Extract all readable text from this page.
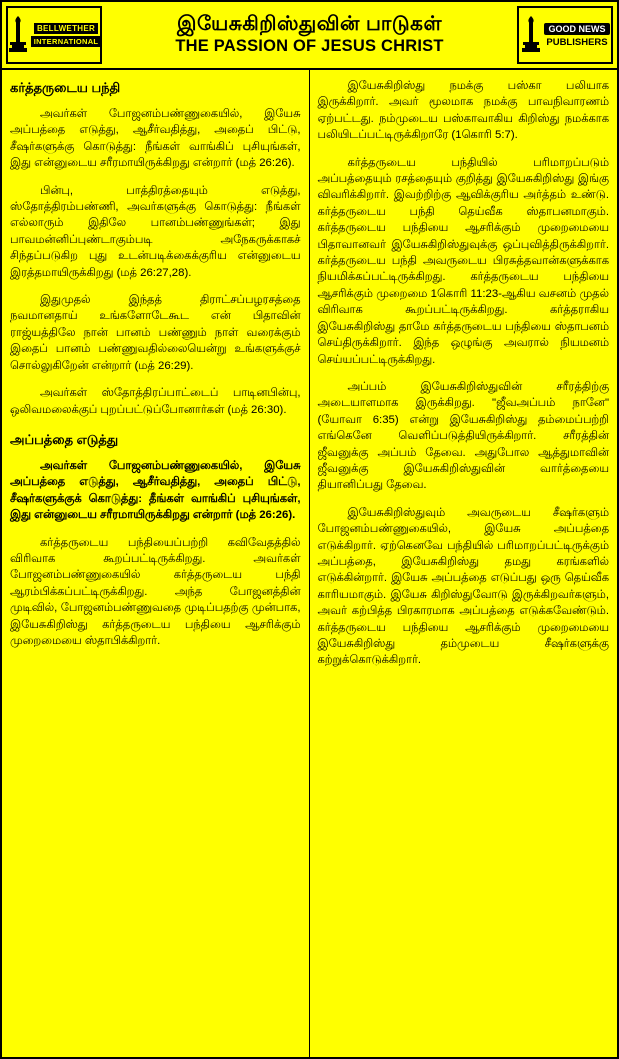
BELLWETHER
INTERNATIONAL
இயேசுகிறிஸ்துவின் பாடுகள்
THE PASSION OF JESUS CHRIST
GOOD NEWS
PUBLISHERS
கர்த்தருடைய பந்தி

அவர்கள் போஜனம்பண்ணுகையில், இயேசு அப்பத்தை எடுத்து, ஆசீர்வதித்து, அதைப் பிட்டு, சீஷர்களுக்கு கொடுத்து: நீங்கள் வாங்கிப் புசியுங்கள், இது என்னுடைய சரீரமாயிருக்கிறது என்றார் (மத் 26:26).

பின்பு, பாத்திரத்தையும் எடுத்து, ஸ்தோத்திரம்பண்ணி, அவர்களுக்கு கொடுத்து: நீங்கள் எல்லாரும் இதிலே பானம்பண்ணுங்கள்; இது பாவமன்னிப்புண்டாகும்படி அநேகருக்காகச் சிந்தப்படுகிற புது உடன்படிக்கைக்குரிய என்னுடைய இரத்தமாயிருக்கிறது (மத் 26:27,28).

இதுமுதல் இந்தத் திராட்சப்பழரசத்தை நவமானதாய் உங்களோடேகூட என் பிதாவின் ராஜ்யத்திலே நான் பானம் பண்ணும் நாள் வரைக்கும் இதைப் பானம் பண்ணுவதில்லையென்று உங்களுக்குச் சொல்லுகிறேன் என்றார் (மத் 26:29).

அவர்கள் ஸ்தோத்திரப்பாட்டைப் பாடினபின்பு, ஒலிவமலைக்குப் புறப்பட்டுப்போனார்கள் (மத் 26:30).

அப்பத்தை எடுத்து

அவர்கள் போஜனம்பண்ணுகையில், இயேசு அப்பத்தை எடுத்து, ஆசீர்வதித்து, அதைப் பிட்டு, சீஷர்களுக்குக் கொடுத்து: தீங்கள் வாங்கிப் புசியுங்கள், இது என்னுடைய சரீரமாயிருக்கிறது என்றார் (மத் 26:26).

கர்த்தருடைய பந்தியைப்பற்றி கவிவேதத்தில் விரிவாக கூறப்பட்டிருக்கிறது. அவர்கள் போஜனம்பண்ணுகையில் கர்த்தருடைய பந்தி ஆரம்பிக்கப்பட்டிருக்கிறது. அந்த போஜனத்தின் முடிவில், போஜனம்பண்ணுவதை முடிப்பதற்கு முன்பாக, இயேசுகிறிஸ்து கர்த்தருடைய பந்தியை ஆசரிக்கும் முறைமையை ஸ்தாபிக்கிறார்.

இயேசுகிறிஸ்து நமக்கு பஸ்கா பலியாக இருக்கிறார். அவர் மூலமாக நமக்கு பாவநிவாரணம் ஏற்பட்டது. நம்முடைய பஸ்காவாகிய கிறிஸ்து நமக்காக பலியிடப்பட்டிருக்கிறாரே (1கொரி 5:7).

கர்த்தருடைய பந்தியில் பரிமாறப்படும் அப்பத்தையும் ரசத்தையும் குறித்து இயேசுகிறிஸ்து இங்கு விவரிக்கிறார். இவற்றிற்கு ஆவிக்குரிய அர்த்தம் உண்டு. கர்த்தருடைய பந்தி தெய்வீக ஸ்தாபனமாகும். கர்த்தருடைய பந்தியை ஆசரிக்கும் முறைமையை பிதாவானவர் இயேசுகிறிஸ்துவுக்கு ஒப்புவித்திருக்கிறார். கர்த்தருடைய பந்தி அவருடைய பிரசுத்தவான்களுக்காக நியமிக்கப்பட்டிருக்கிறது. கர்த்தருடைய பந்தியை ஆசரிக்கும் முறைமை 1கொரி 11:23-ஆகிய வசனம் முதல் விரிவாக கூறப்பட்டிருக்கிறது. கர்த்தராகிய இயேசுகிறிஸ்து தாமே கர்த்தருடைய பந்தியை ஸ்தாபனம் செய்திருக்கிறார். இந்த ஒழுங்கு அவரால் நியமனம் செய்யப்பட்டிருக்கிறது.

அப்பம் இயேசுகிறிஸ்துவின் சரீரத்திற்கு அடையாளமாக இருக்கிறது. "ஜீவஅப்பம் நானே" (யோவா 6:35) என்று இயேசுகிறிஸ்து தம்மைப்பற்றி எங்கெனே வெளிப்படுத்தியிருக்கிறார். சரீரத்தின் ஜீவனுக்கு அப்பம் தேவை. அதுபோல ஆத்துமாவின் ஜீவனுக்கு இயேசுகிறிஸ்துவின் வார்த்தையை தியானிப்பது தேவை.

இயேசுகிறிஸ்துவும் அவருடைய சீஷர்களும் போஜனம்பண்ணுகையில், இயேசு அப்பத்தை எடுக்கிறார். ஏற்கெனவே பந்தியில் பரிமாறப்பட்டிருக்கும் அப்பத்தை, இயேசுகிறிஸ்து தமது கரங்களில் எடுக்கின்றார். இயேசு அப்பத்தை எடுப்பது ஒரு தெய்வீக காரியமாகும். இயேசு கிறிஸ்துவோடு இருக்கிறவர்களும், அவர் கற்பித்த பிரகாரமாக அப்பத்தை எடுக்கவேண்டும். கர்த்தருடைய பந்தியை ஆசரிக்கும் முறைமையை இயேசுகிறிஸ்து தம்முடைய சீஷர்களுக்கு கற்றுக்கொடுக்கிறார்.
